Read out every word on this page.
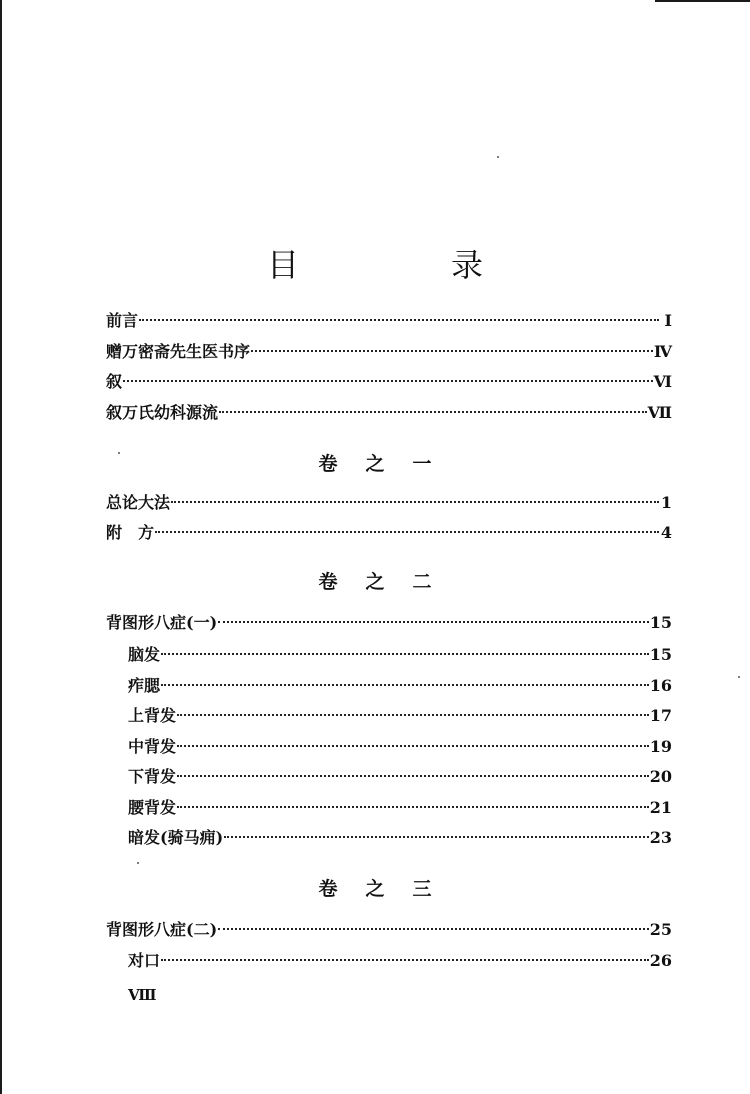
目　录
前言	I
赠万密斋先生医书序	Ⅳ
叙	Ⅵ
叙万氏幼科源流	Ⅶ
卷之一
总论大法	1
附　方	4
卷之二
背图形八症(一)	15
脑发	15
痄腮	16
上背发	17
中背发	19
下背发	20
腰背发	21
暗发(骑马痈)	23
卷之三
背图形八症(二)	25
对口	26
Ⅷ
